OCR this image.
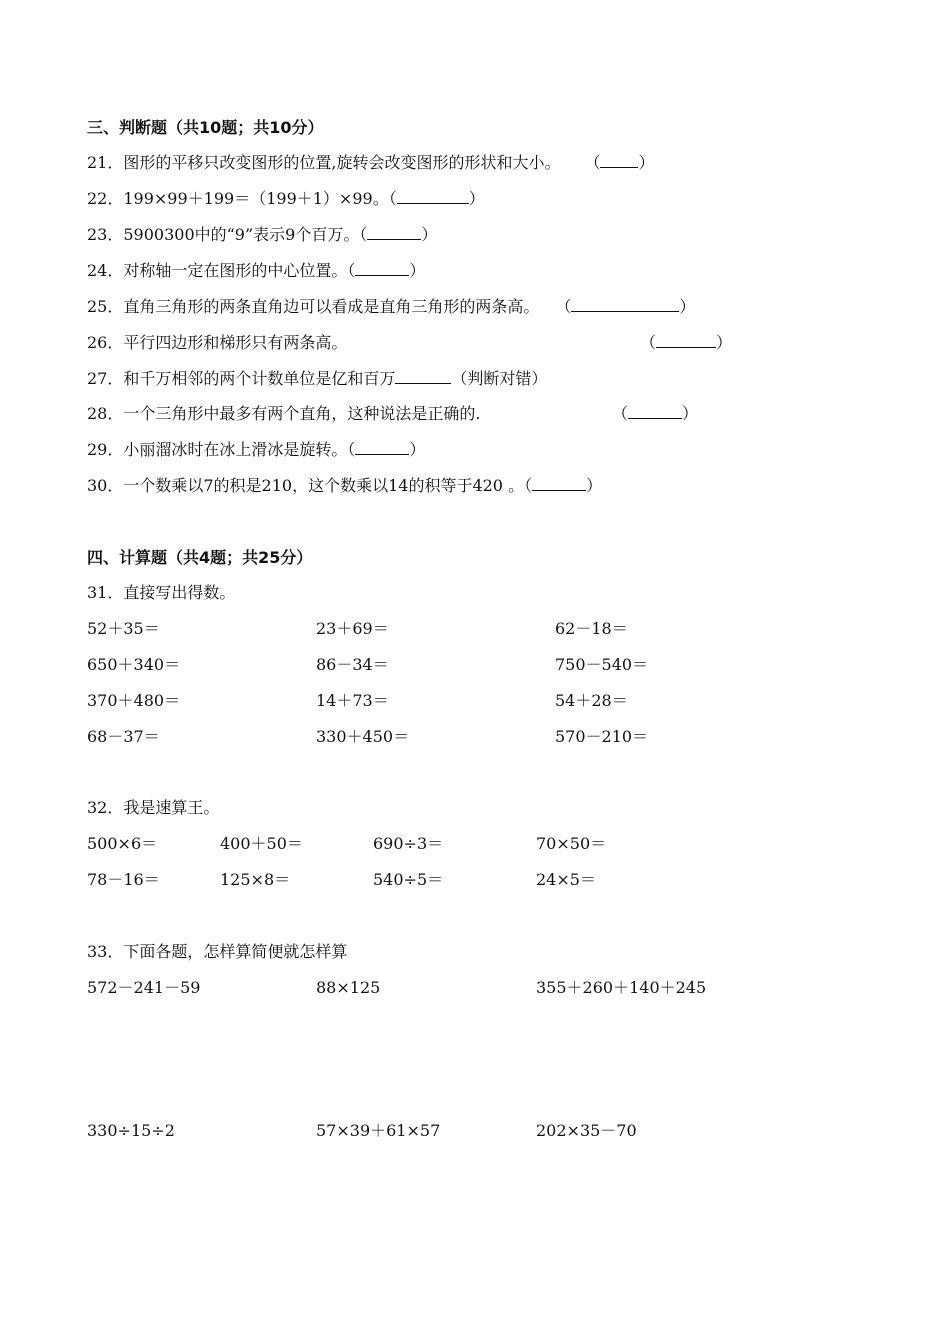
三、判断题（共10题；共10分）
21．图形的平移只改变图形的位置,旋转会改变图形的形状和大小。 （ ）
22．199×99＋199＝（199＋1）×99。（	）
23．5900300中的“9”表示9个百万。（	）
24．对称轴一定在图形的中心位置。（	）
25．直角三角形的两条直角边可以看成是直角三角形的两条高。 （	）
26．平行四边形和梯形只有两条高。	（	）
27．和千万相邻的两个计数单位是亿和百万	（判断对错）
28．一个三角形中最多有两个直角，这种说法是正确的.	（	）
29．小丽溜冰时在冰上滑冰是旋转。（	）
30．一个数乘以7的积是210，这个数乘以14的积等于420 。（	）
四、计算题（共4题；共25分）
31．直接写出得数。
52＋35＝	23＋69＝	62－18＝
650＋340＝	86－34＝	750－540＝
370＋480＝	14＋73＝	54＋28＝
68－37＝	330＋450＝	570－210＝
32．我是速算王。
500×6＝	400＋50＝	690÷3＝	70×50＝
78－16＝	125×8＝	540÷5＝	24×5＝
33．下面各题，怎样算简便就怎样算
572－241－59	88×125	355＋260＋140＋245
330÷15÷2	57×39＋61×57	202×35－70
